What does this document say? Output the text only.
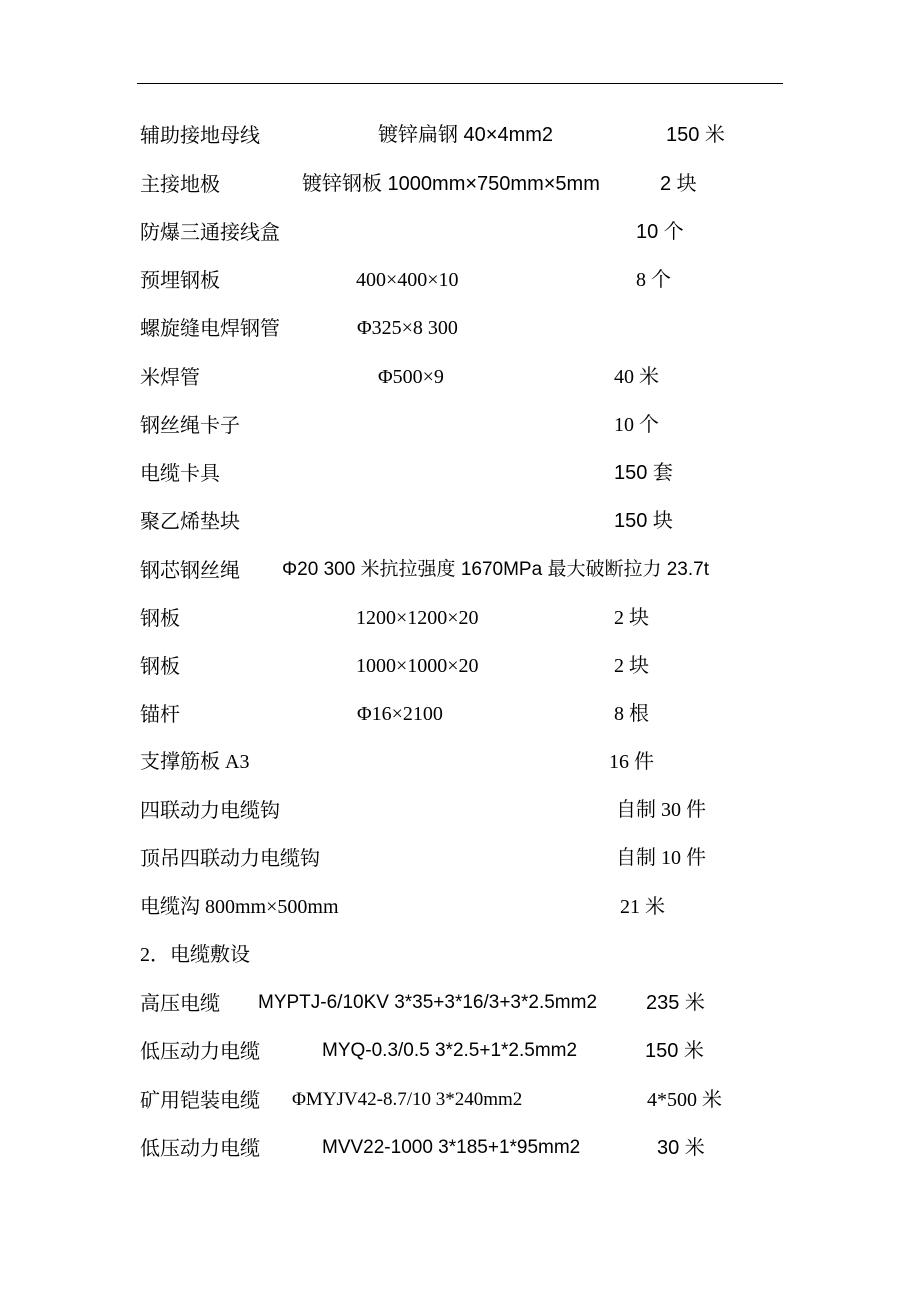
辅助接地母线	镀锌扁钢 40×4mm2	150 米
主接地极	镀锌钢板 1000mm×750mm×5mm	2 块
防爆三通接线盒	10 个
预埋钢板	400×400×10	8 个
螺旋缝电焊钢管	Φ325×8 300
米焊管	Φ500×9	40 米
钢丝绳卡子	10 个
电缆卡具	150 套
聚乙烯垫块	150 块
钢芯钢丝绳 Φ20 300 米抗拉强度 1670MPa 最大破断拉力 23.7t
钢板	1200×1200×20	2 块
钢板	1000×1000×20	2 块
锚杆	Φ16×2100	8 根
支撑筋板 A3	16 件
四联动力电缆钩	自制 30 件
顶吊四联动力电缆钩	自制 10 件
电缆沟 800mm×500mm	21 米
2．电缆敷设
高压电缆 MYPTJ-6/10KV 3*35+3*16/3+3*2.5mm2 235 米
低压动力电缆	MYQ-0.3/0.5 3*2.5+1*2.5mm2	150 米
矿用铠装电缆 ΦMYJV42-8.7/10 3*240mm2	4*500 米
低压动力电缆	MVV22-1000 3*185+1*95mm2	30 米
